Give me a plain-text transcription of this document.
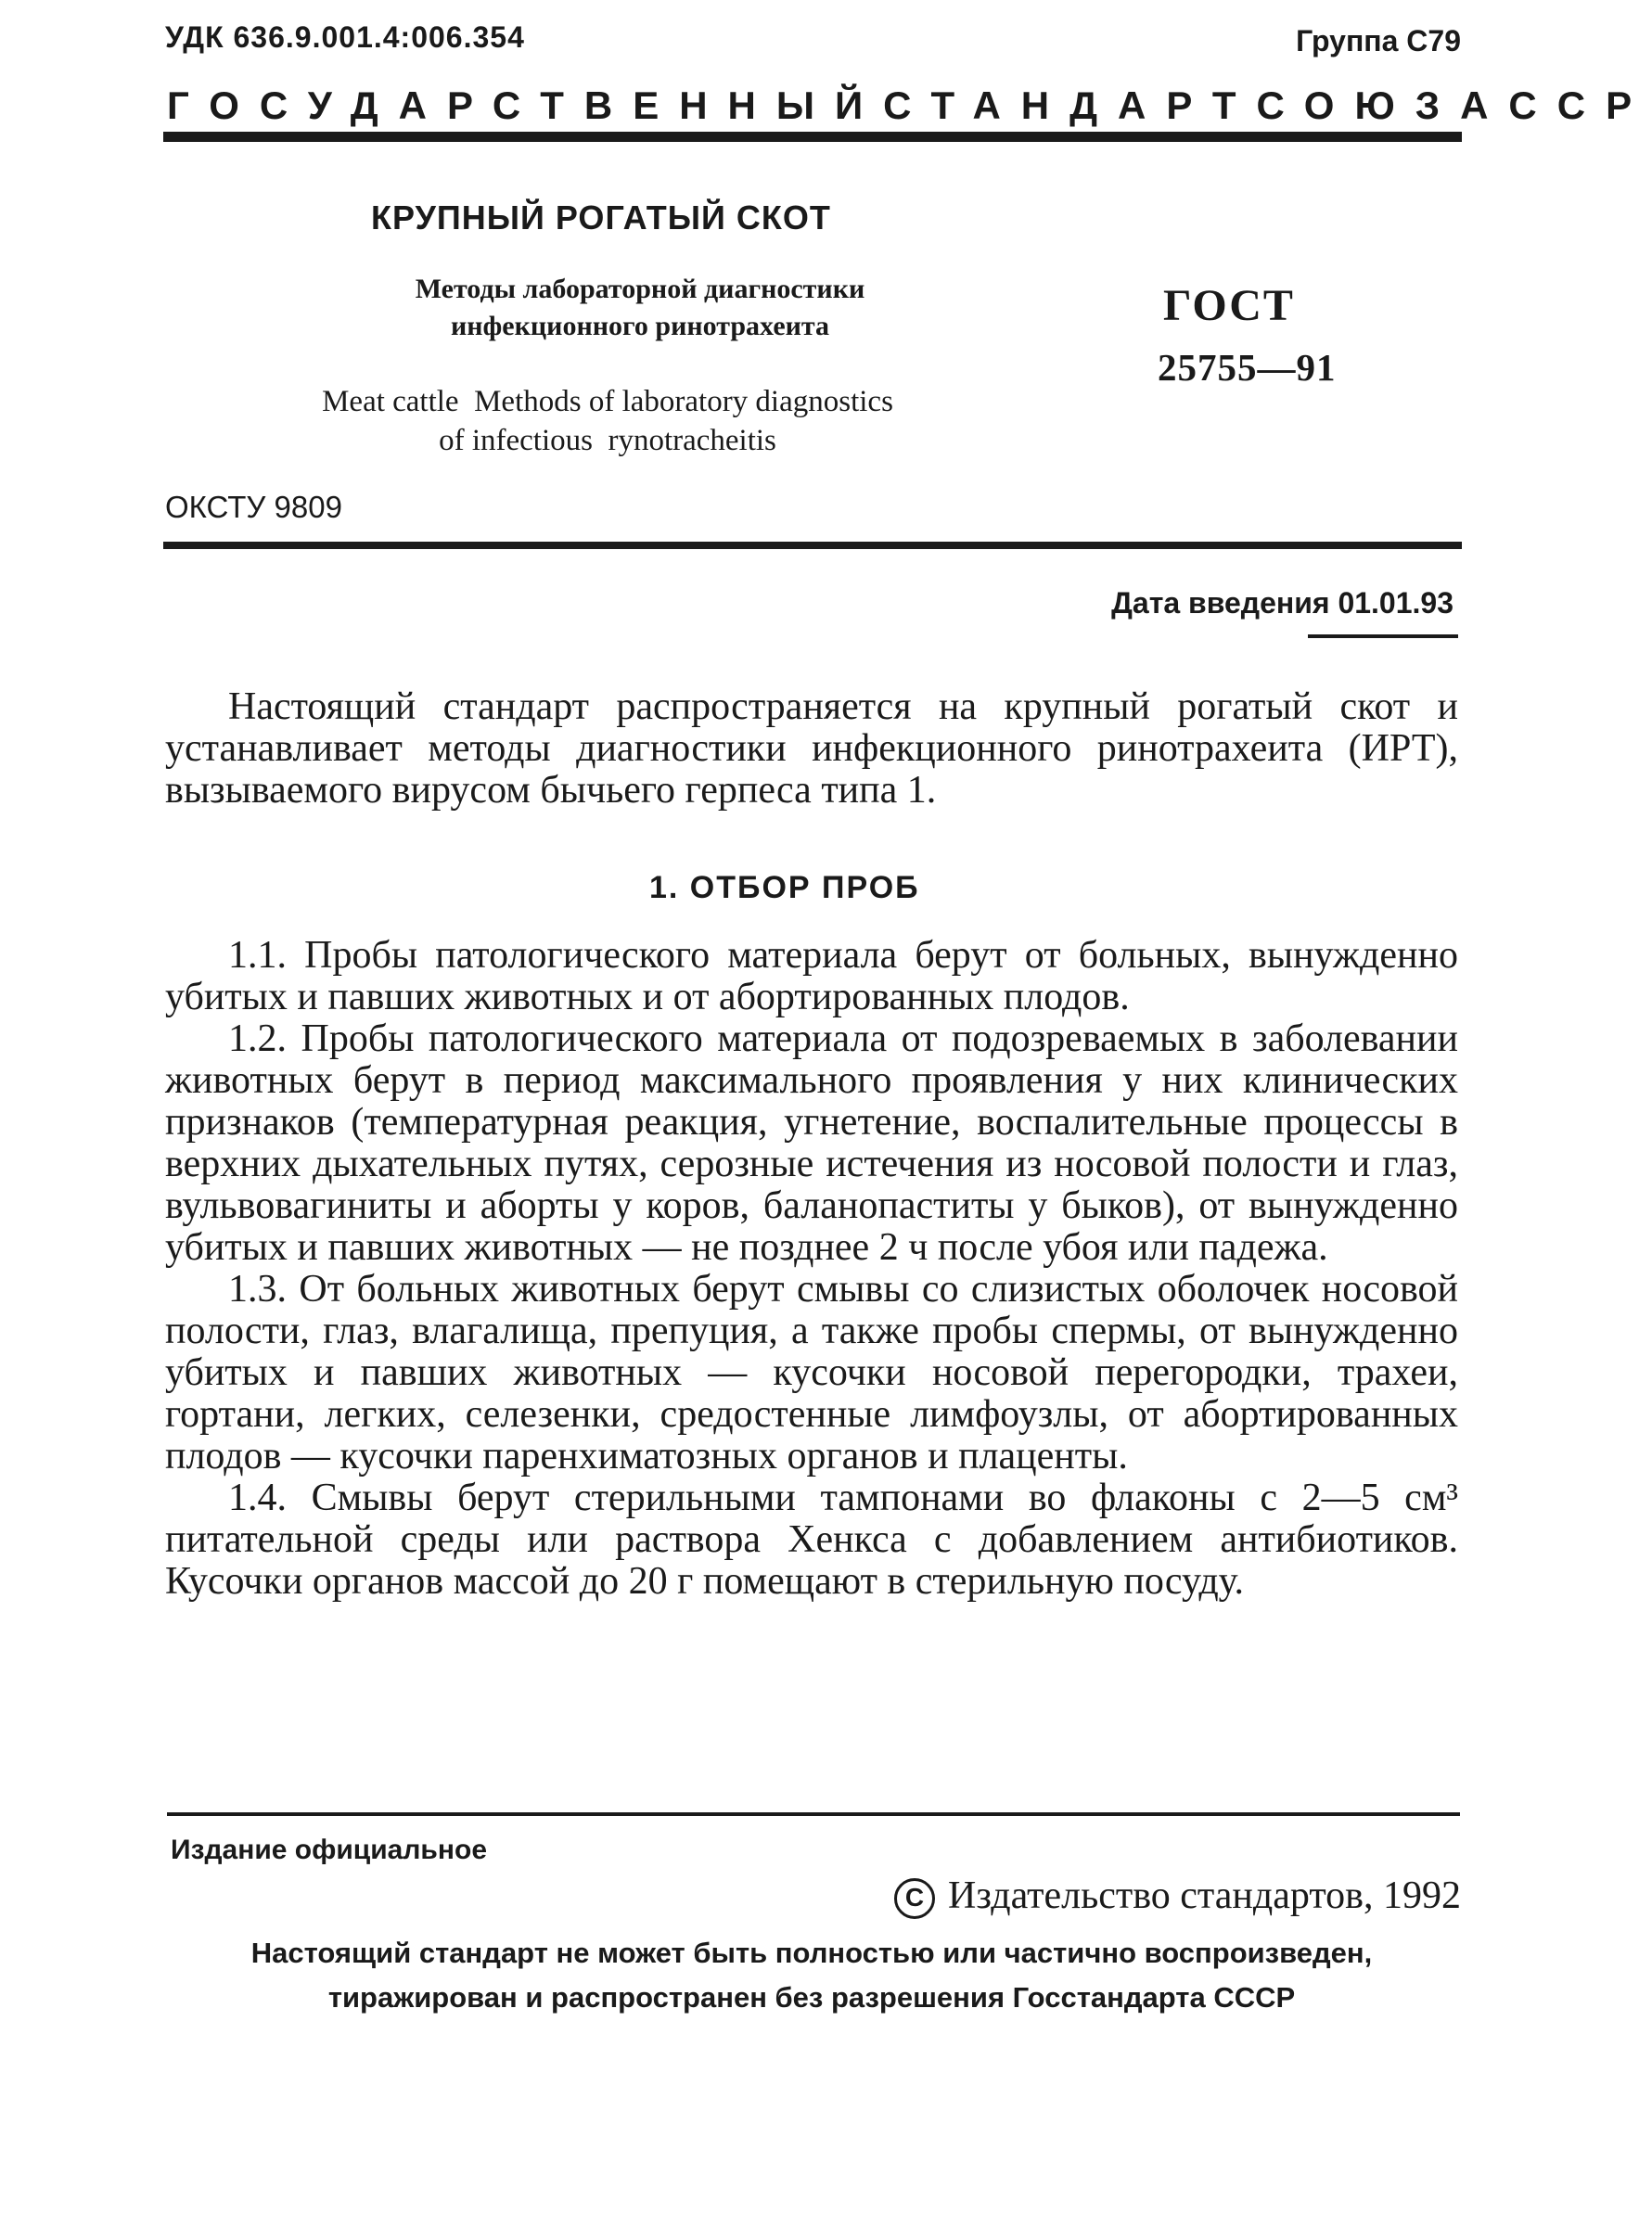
УДК 636.9.001.4:006.354	Группа С79
ГОСУДАРСТВЕННЫЙ СТАНДАРТ СОЮЗА ССР
КРУПНЫЙ РОГАТЫЙ СКОТ
Методы лабораторной диагностики
инфекционного ринотрахеита
Meat cattle  Methods of laboratory diagnostics
of infectious  rynotracheitis
ГОСТ
25755—91
ОКСТУ 9809
Дата введения 01.01.93

Настоящий стандарт распространяется на крупный рогатый скот и устанавливает методы диагностики инфекционного ринотрахеита (ИРТ), вызываемого вирусом бычьего герпеса типа 1.

1. ОТБОР ПРОБ

1.1. Пробы патологического материала берут от больных, вынужденно убитых и павших животных и от абортированных плодов.

1.2. Пробы патологического материала от подозреваемых в заболевании животных берут в период максимального проявления у них клинических признаков (температурная реакция, угнетение, воспалительные процессы в верхних дыхательных путях, серозные истечения из носовой полости и глаз, вульвовагиниты и аборты у коров, баланопаститы у быков), от вынужденно убитых и павших животных — не позднее 2 ч после убоя или падежа.

1.3. От больных животных берут смывы со слизистых оболочек носовой полости, глаз, влагалища, препуция, а также пробы спермы, от вынужденно убитых и павших животных — кусочки носовой перегородки, трахеи, гортани, легких, селезенки, средостенные лимфоузлы, от абортированных плодов — кусочки паренхиматозных органов и плаценты.

1.4. Смывы берут стерильными тампонами во флаконы с 2—5 см³ питательной среды или раствора Хенкса с добавлением антибиотиков. Кусочки органов массой до 20 г помещают в стерильную посуду.

Издание официальное
C Издательство стандартов, 1992
Настоящий стандарт не может быть полностью или частично воспроизведен,
тиражирован и распространен без разрешения Госстандарта СССР
